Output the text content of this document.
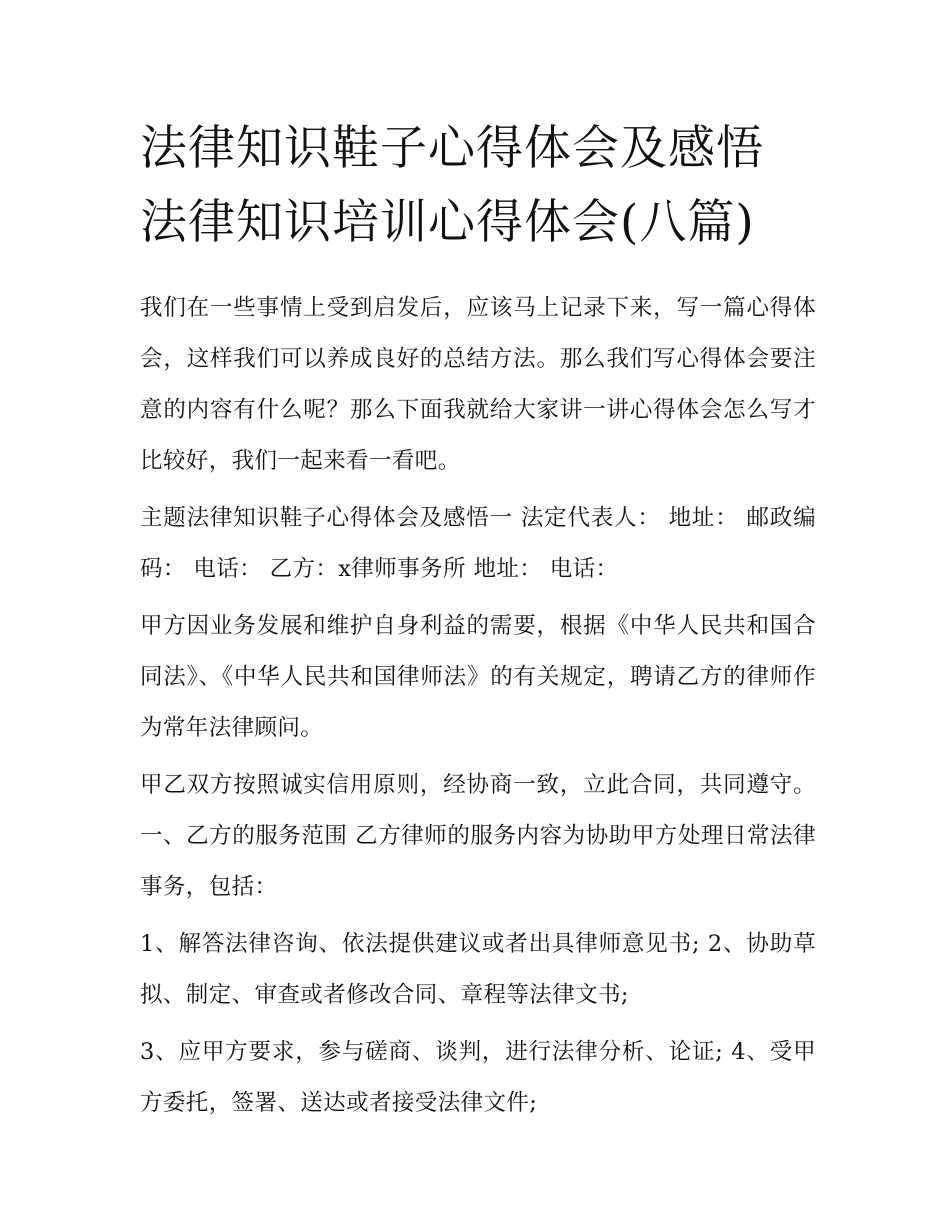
法律知识鞋子心得体会及感悟
法律知识培训心得体会(八篇)

我们在一些事情上受到启发后，应该马上记录下来，写一篇心得体会，这样我们可以养成良好的总结方法。那么我们写心得体会要注意的内容有什么呢？那么下面我就给大家讲一讲心得体会怎么写才比较好，我们一起来看一看吧。

主题法律知识鞋子心得体会及感悟一 法定代表人： 地址： 邮政编码： 电话： 乙方：x律师事务所 地址： 电话：

甲方因业务发展和维护自身利益的需要，根据《中华人民共和国合同法》、《中华人民共和国律师法》的有关规定，聘请乙方的律师作为常年法律顾问。

甲乙双方按照诚实信用原则，经协商一致，立此合同，共同遵守。 一、乙方的服务范围 乙方律师的服务内容为协助甲方处理日常法律事务，包括：

1、解答法律咨询、依法提供建议或者出具律师意见书; 2、协助草拟、制定、审查或者修改合同、章程等法律文书;

3、应甲方要求，参与磋商、谈判，进行法律分析、论证; 4、受甲方委托，签署、送达或者接受法律文件;
